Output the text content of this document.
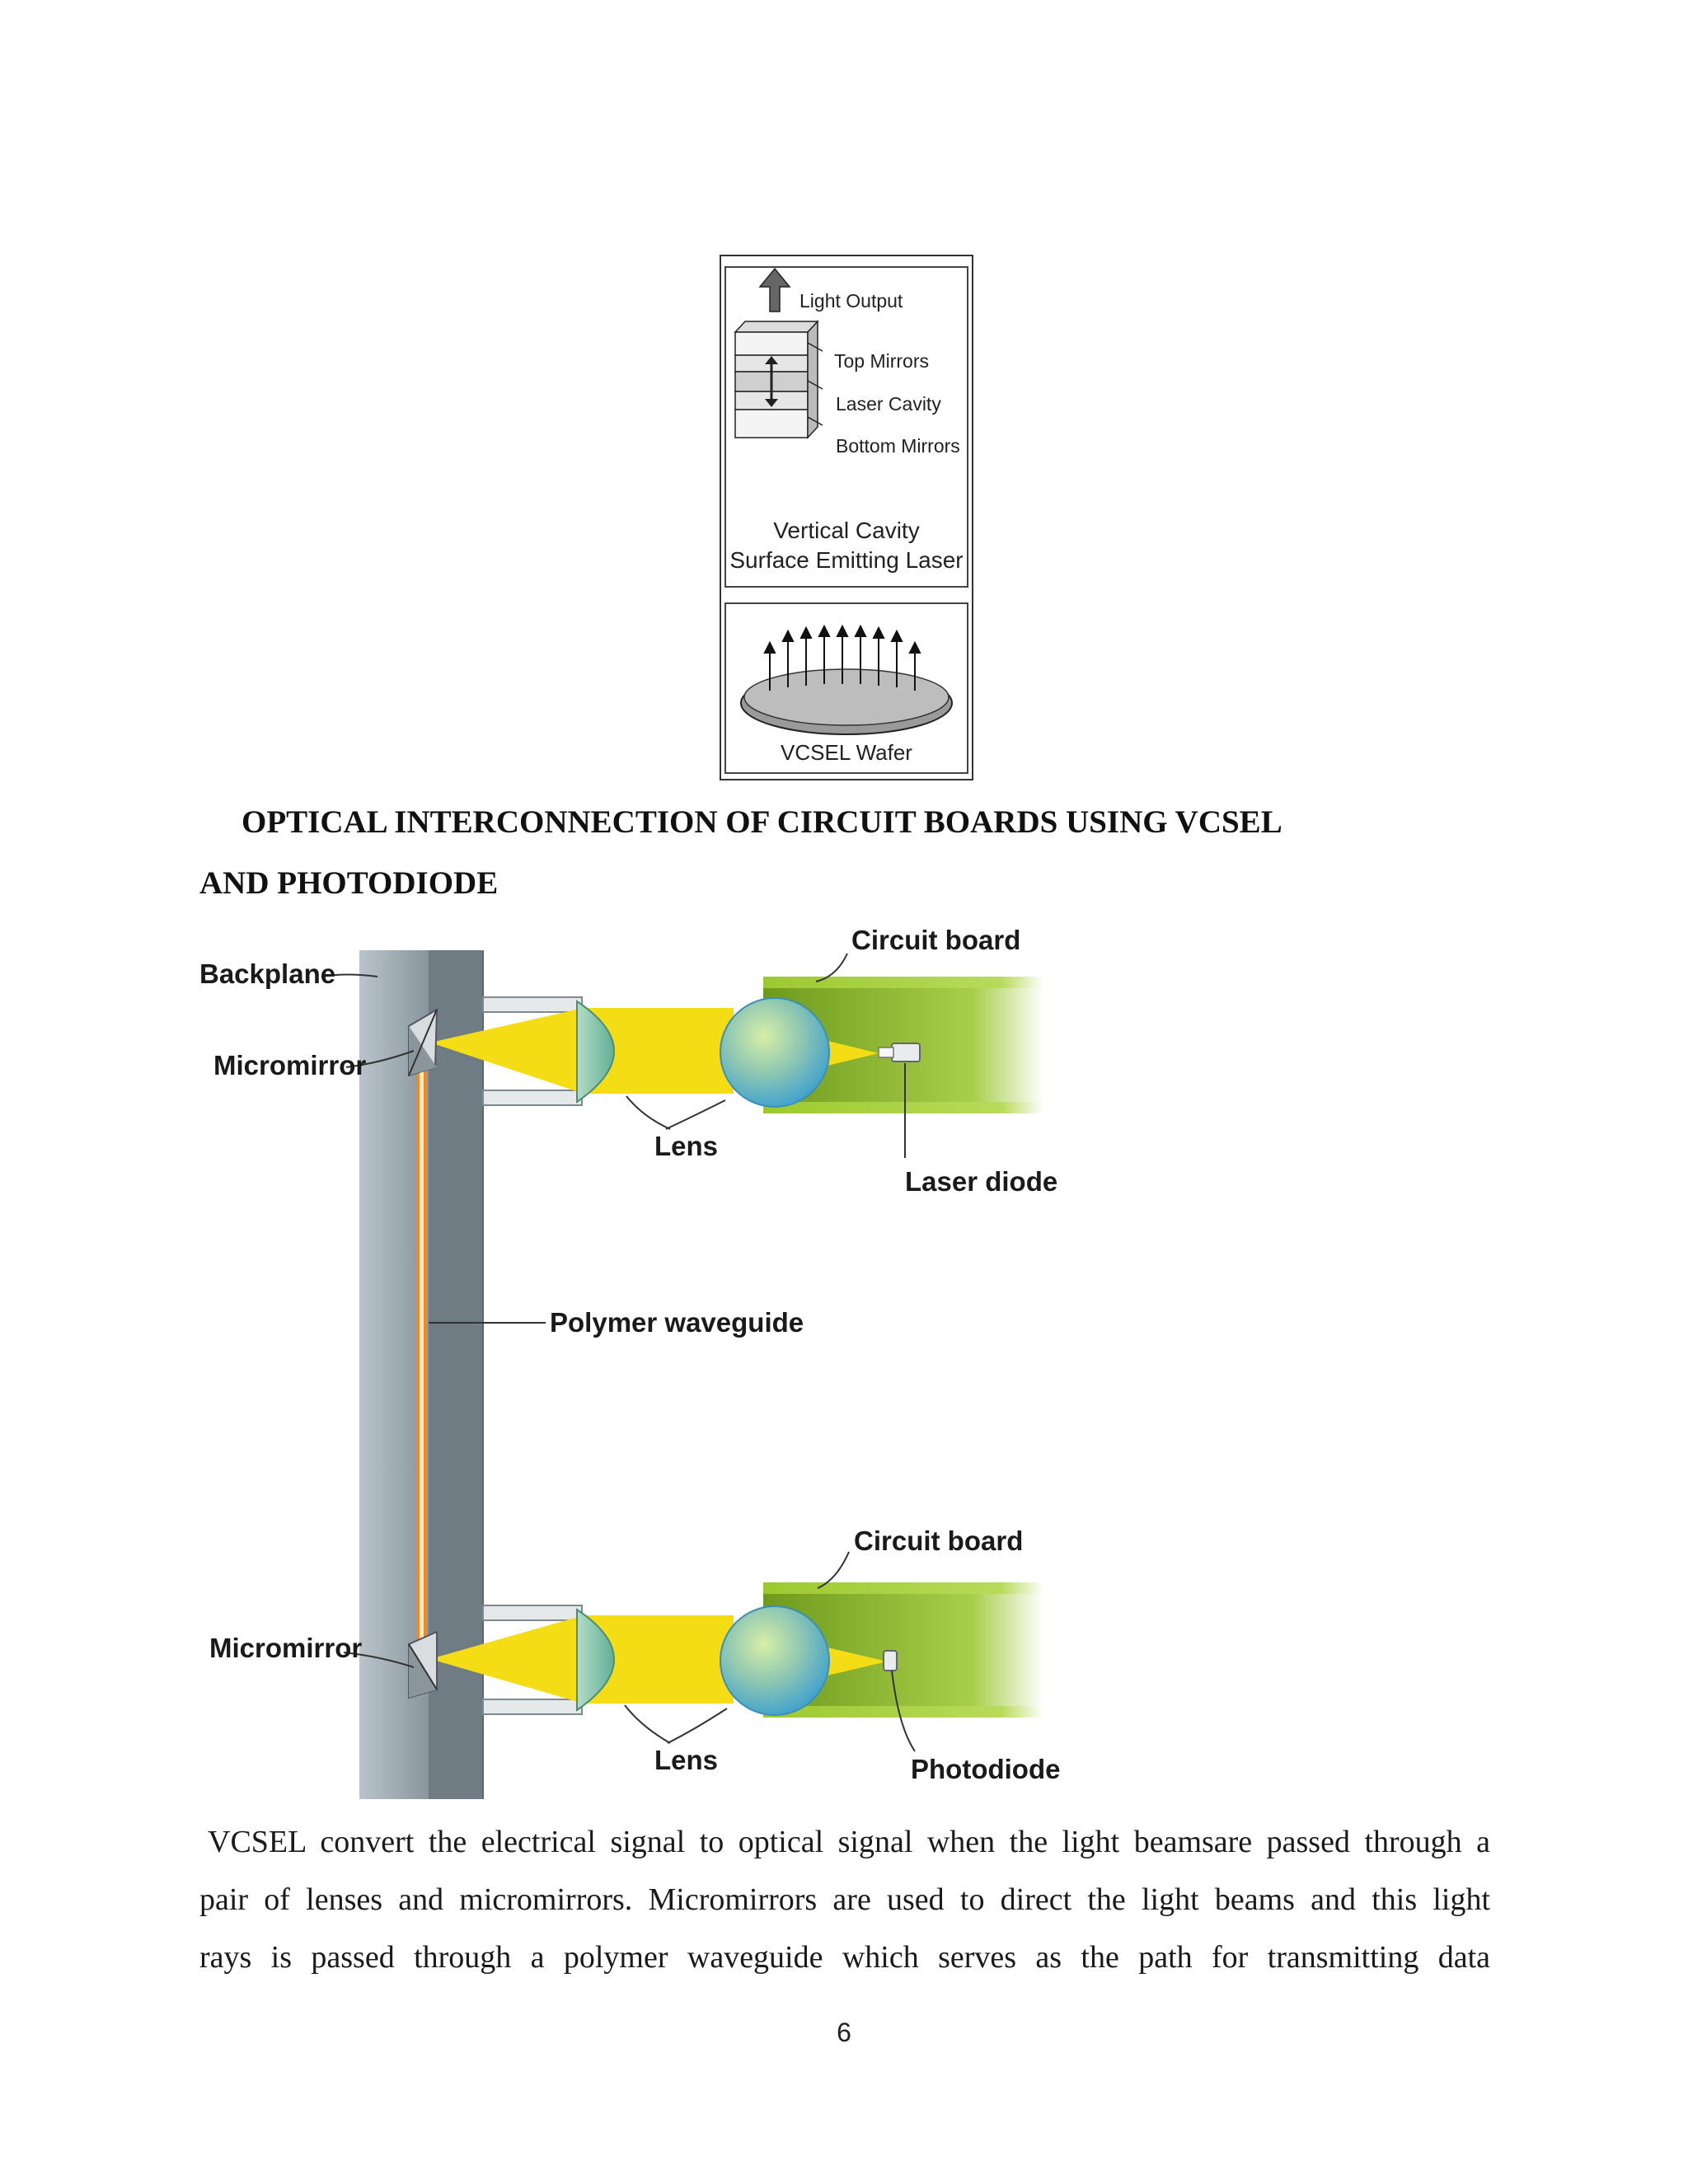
Light Output
Top Mirrors
Laser Cavity
Bottom Mirrors
Vertical Cavity
Surface Emitting Laser
VCSEL Wafer
OPTICAL INTERCONNECTION OF CIRCUIT BOARDS USING VCSEL
AND PHOTODIODE
Backplane
Micromirror
Circuit board
Lens
Laser diode
Polymer waveguide
Circuit board
Micromirror
Lens	Photodiode
VCSEL convert the electrical signal to optical signal when the light beamsare passed through a
pair of lenses and micromirrors. Micromirrors are used to direct the light beams and this light
rays is passed through a polymer waveguide which serves as the path for transmitting data
6
